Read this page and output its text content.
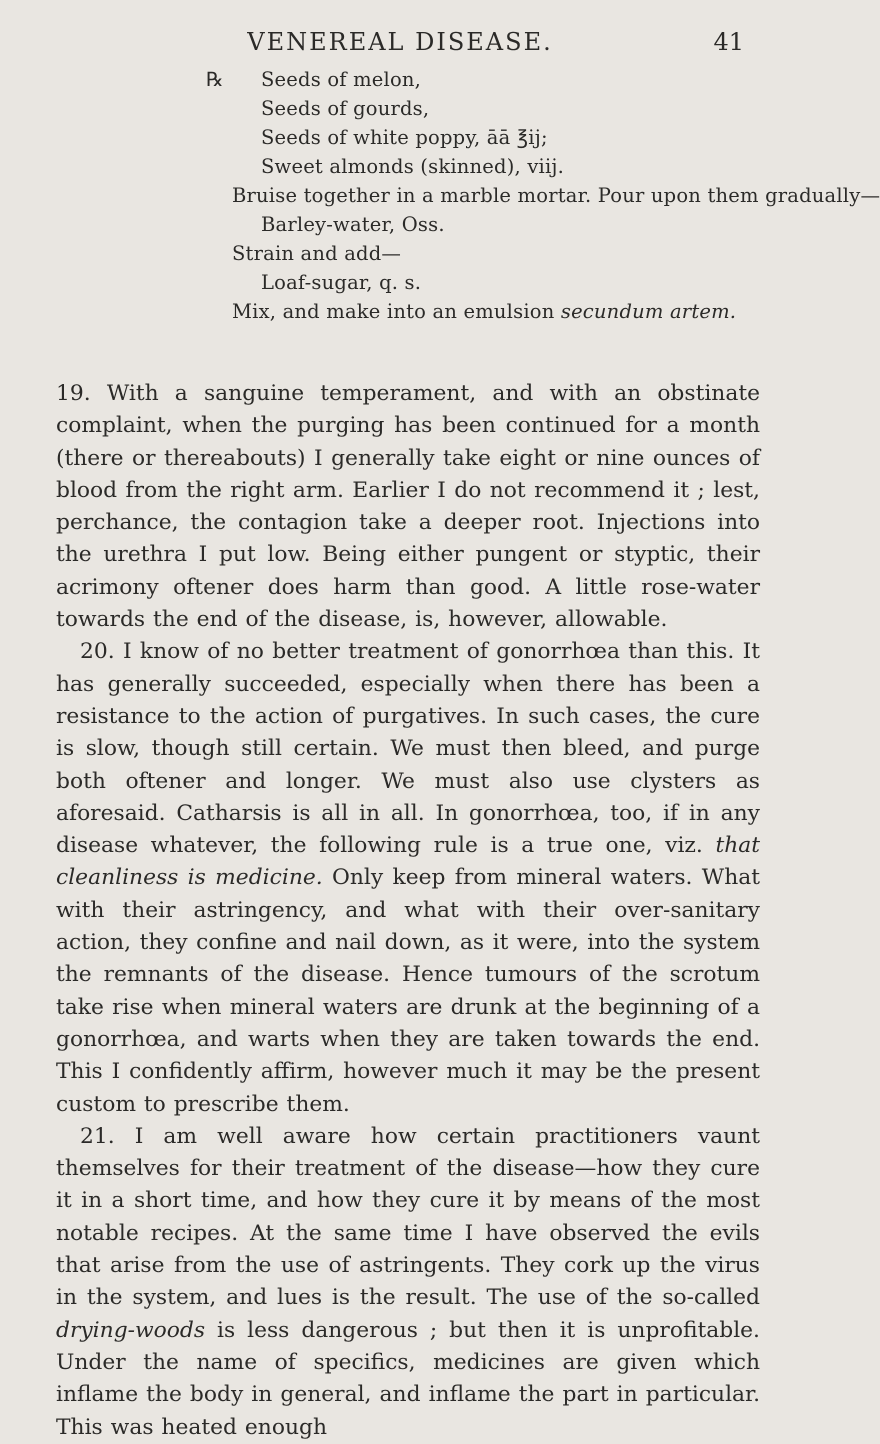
VENEREAL DISEASE.	41
℞ Seeds of melon,
Seeds of gourds,
Seeds of white poppy, āā ℥ij;
Sweet almonds (skinned), viij.
Bruise together in a marble mortar. Pour upon them gradually—
Barley-water, Oss.
Strain and add—
Loaf-sugar, q. s.
Mix, and make into an emulsion secundum artem.

19. With a sanguine temperament, and with an obstinate complaint, when the purging has been continued for a month (there or thereabouts) I generally take eight or nine ounces of blood from the right arm. Earlier I do not recommend it ; lest, perchance, the contagion take a deeper root. Injections into the urethra I put low. Being either pungent or styptic, their acrimony oftener does harm than good. A little rose-water towards the end of the disease, is, however, allowable.

20. I know of no better treatment of gonorrhœa than this. It has generally succeeded, especially when there has been a resistance to the action of purgatives. In such cases, the cure is slow, though still certain. We must then bleed, and purge both oftener and longer. We must also use clysters as aforesaid. Catharsis is all in all. In gonorrhœa, too, if in any disease whatever, the following rule is a true one, viz. that cleanliness is medicine. Only keep from mineral waters. What with their astringency, and what with their over-sanitary action, they confine and nail down, as it were, into the system the remnants of the disease. Hence tumours of the scrotum take rise when mineral waters are drunk at the beginning of a gonorrhœa, and warts when they are taken towards the end. This I confidently affirm, however much it may be the present custom to prescribe them.

21. I am well aware how certain practitioners vaunt themselves for their treatment of the disease—how they cure it in a short time, and how they cure it by means of the most notable recipes. At the same time I have observed the evils that arise from the use of astringents. They cork up the virus in the system, and lues is the result. The use of the so-called drying-woods is less dangerous ; but then it is unprofitable. Under the name of specifics, medicines are given which inflame the body in general, and inflame the part in particular. This was heated enough
